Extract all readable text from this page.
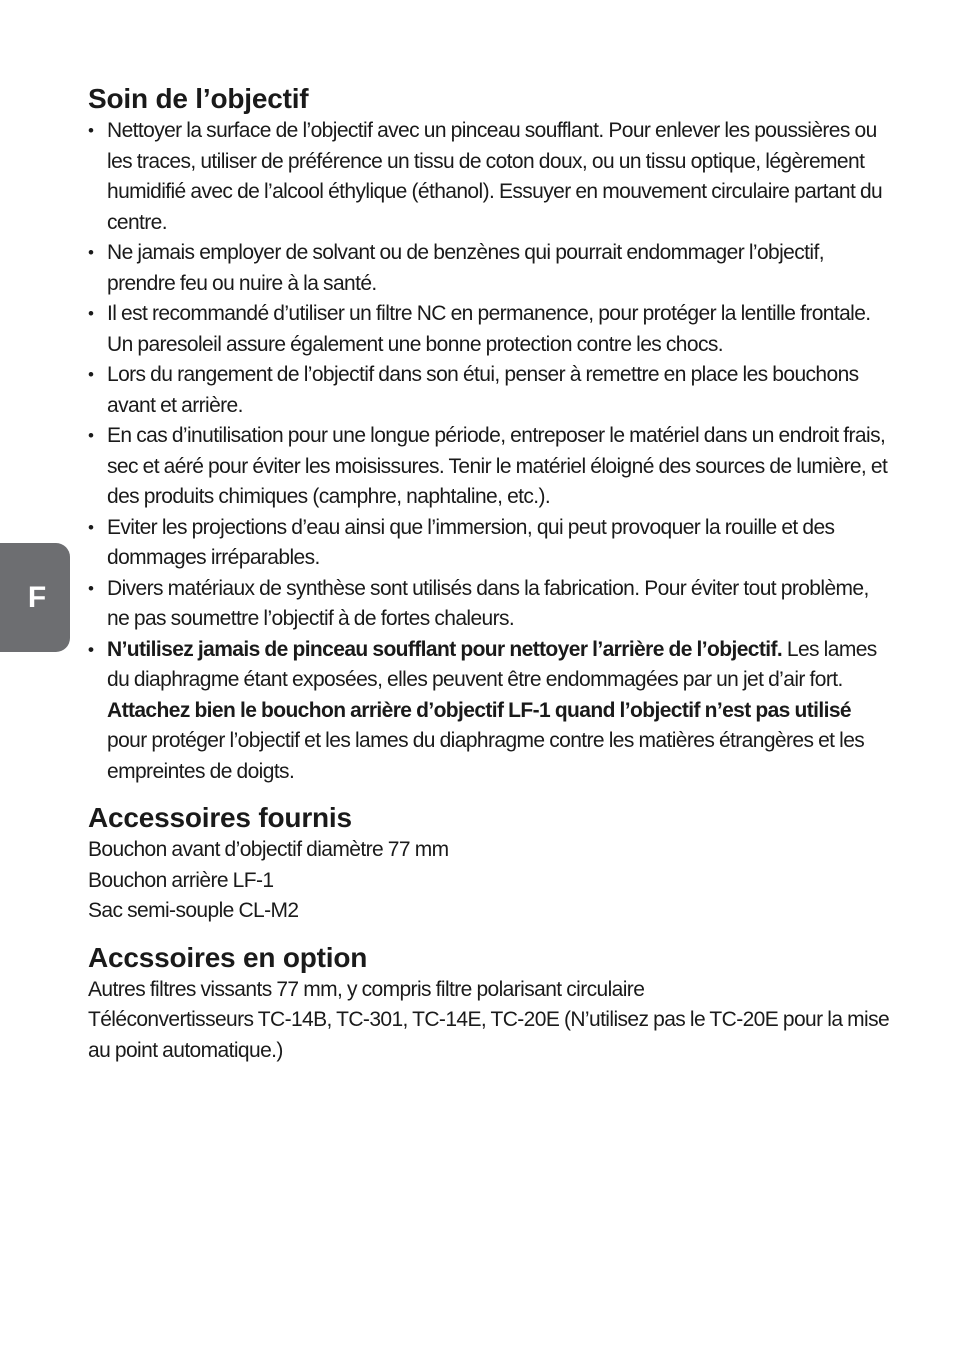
F
Soin de l’objectif
• Nettoyer la surface de l’objectif avec un pinceau soufflant. Pour enlever les poussières ou les traces, utiliser de préférence un tissu de coton doux, ou un tissu optique, légèrement humidifié avec de l’alcool éthylique (éthanol). Essuyer en mouvement circulaire partant du centre.
• Ne jamais employer de solvant ou de benzènes qui pourrait endommager l’objectif, prendre feu ou nuire à la santé.
• Il est recommandé d’utiliser un filtre NC en permanence, pour protéger la lentille frontale. Un paresoleil assure également une bonne protection contre les chocs.
• Lors du rangement de l’objectif dans son étui, penser à remettre en place les bouchons avant et arrière.
• En cas d’inutilisation pour une longue période, entreposer le matériel dans un endroit frais, sec et aéré pour éviter les moisissures. Tenir le matériel éloigné des sources de lumière, et des produits chimiques (camphre, naphtaline, etc.).
• Eviter les projections d’eau ainsi que l’immersion, qui peut provoquer la rouille et des dommages irréparables.
• Divers matériaux de synthèse sont utilisés dans la fabrication. Pour éviter tout problème, ne pas soumettre l’objectif à de fortes chaleurs.
• N’utilisez jamais de pinceau soufflant pour nettoyer l’arrière de l’objectif. Les lames du diaphragme étant exposées, elles peuvent être endommagées par un jet d’air fort. Attachez bien le bouchon arrière d’objectif LF-1 quand l’objectif n’est pas utilisé pour protéger l’objectif et les lames du diaphragme contre les matières étrangères et les empreintes de doigts.
Accessoires fournis
Bouchon avant d’objectif diamètre 77 mm
Bouchon arrière LF-1
Sac semi-souple CL-M2
Accssoires en option
Autres filtres vissants 77 mm, y compris filtre polarisant circulaire
Téléconvertisseurs TC-14B, TC-301, TC-14E, TC-20E (N’utilisez pas le TC-20E pour la mise au point automatique.)
